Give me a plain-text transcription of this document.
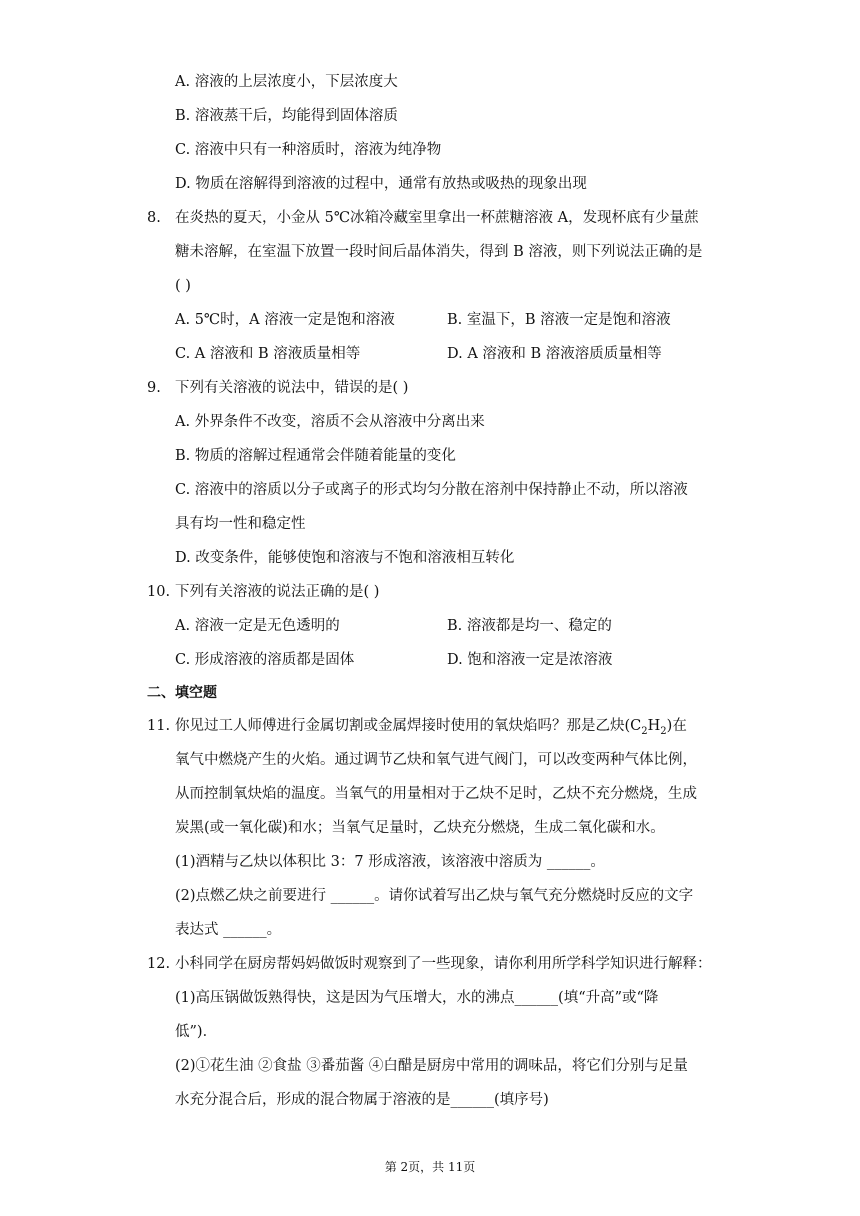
A. 溶液的上层浓度小，下层浓度大
B. 溶液蒸干后，均能得到固体溶质
C. 溶液中只有一种溶质时，溶液为纯净物
D. 物质在溶解得到溶液的过程中，通常有放热或吸热的现象出现
8. 在炎热的夏天，小金从 5℃冰箱冷藏室里拿出一杯蔗糖溶液 A，发现杯底有少量蔗
糖未溶解，在室温下放置一段时间后晶体消失，得到 B 溶液，则下列说法正确的是
( )
A. 5℃时，A 溶液一定是饱和溶液	B. 室温下，B 溶液一定是饱和溶液
C. A 溶液和 B 溶液质量相等	D. A 溶液和 B 溶液溶质质量相等
9. 下列有关溶液的说法中，错误的是( )
A. 外界条件不改变，溶质不会从溶液中分离出来
B. 物质的溶解过程通常会伴随着能量的变化
C. 溶液中的溶质以分子或离子的形式均匀分散在溶剂中保持静止不动，所以溶液
具有均一性和稳定性
D. 改变条件，能够使饱和溶液与不饱和溶液相互转化
10. 下列有关溶液的说法正确的是( )
A. 溶液一定是无色透明的	B. 溶液都是均一、稳定的
C. 形成溶液的溶质都是固体	D. 饱和溶液一定是浓溶液
二、填空题
11. 你见过工人师傅进行金属切割或金属焊接时使用的氧炔焰吗？那是乙炔$(C_2H_2)$在
氧气中燃烧产生的火焰。通过调节乙炔和氧气进气阀门，可以改变两种气体比例，
从而控制氧炔焰的温度。当氧气的用量相对于乙炔不足时，乙炔不充分燃烧，生成
炭黑(或一氧化碳)和水；当氧气足量时，乙炔充分燃烧，生成二氧化碳和水。
(1)酒精与乙炔以体积比 3：7 形成溶液，该溶液中溶质为 ______。
(2)点燃乙炔之前要进行 ______。请你试着写出乙炔与氧气充分燃烧时反应的文字
表达式 ______。
12. 小科同学在厨房帮妈妈做饭时观察到了一些现象，请你利用所学科学知识进行解释：
(1)高压锅做饭熟得快，这是因为气压增大，水的沸点______(填“升高”或“降
低”)．
(2)①花生油 ②食盐 ③番茄酱 ④白醋是厨房中常用的调味品，将它们分别与足量
水充分混合后，形成的混合物属于溶液的是______(填序号)
第 2页，共 11页
